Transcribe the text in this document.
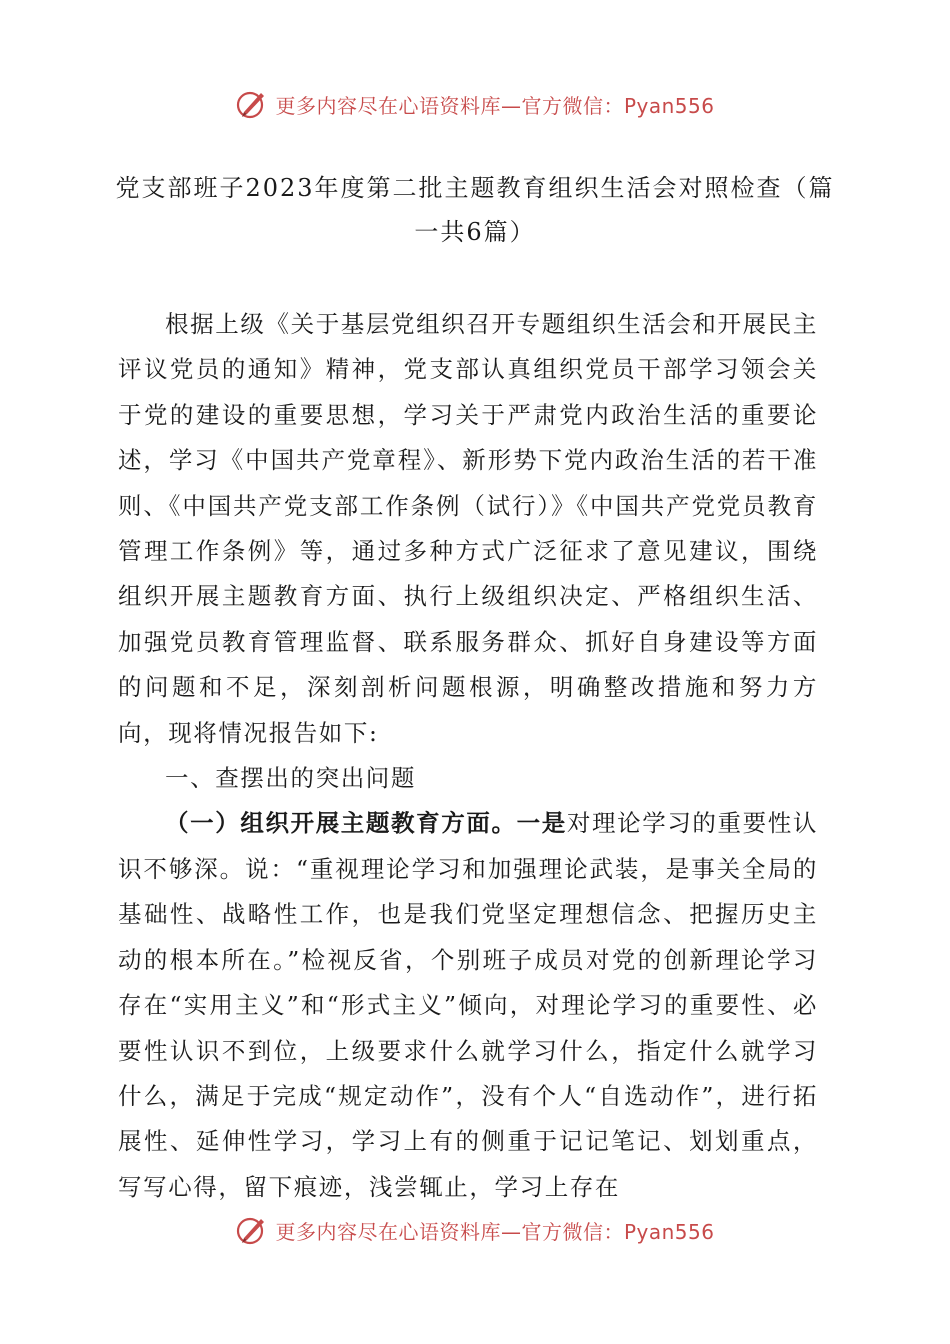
更多内容尽在心语资料库—官方微信：Pyan556
党支部班子2023年度第二批主题教育组织生活会对照检查（篇一共6篇）

根据上级《关于基层党组织召开专题组织生活会和开展民主评议党员的通知》精神，党支部认真组织党员干部学习领会关于党的建设的重要思想，学习关于严肃党内政治生活的重要论述，学习《中国共产党章程》、新形势下党内政治生活的若干准则、《中国共产党支部工作条例（试行）》《中国共产党党员教育管理工作条例》等，通过多种方式广泛征求了意见建议，围绕组织开展主题教育方面、执行上级组织决定、严格组织生活、加强党员教育管理监督、联系服务群众、抓好自身建设等方面的问题和不足，深刻剖析问题根源，明确整改措施和努力方向，现将情况报告如下:

一、查摆出的突出问题

（一）组织开展主题教育方面。一是对理论学习的重要性认识不够深。说：“重视理论学习和加强理论武装，是事关全局的基础性、战略性工作，也是我们党坚定理想信念、把握历史主动的根本所在。”检视反省，个别班子成员对党的创新理论学习存在“实用主义”和“形式主义”倾向，对理论学习的重要性、必要性认识不到位，上级要求什么就学习什么，指定什么就学习什么，满足于完成“规定动作”，没有个人“自选动作”，进行拓展性、延伸性学习，学习上有的侧重于记记笔记、划划重点，写写心得，留下痕迹，浅尝辄止，学习上存在

更多内容尽在心语资料库—官方微信：Pyan556
